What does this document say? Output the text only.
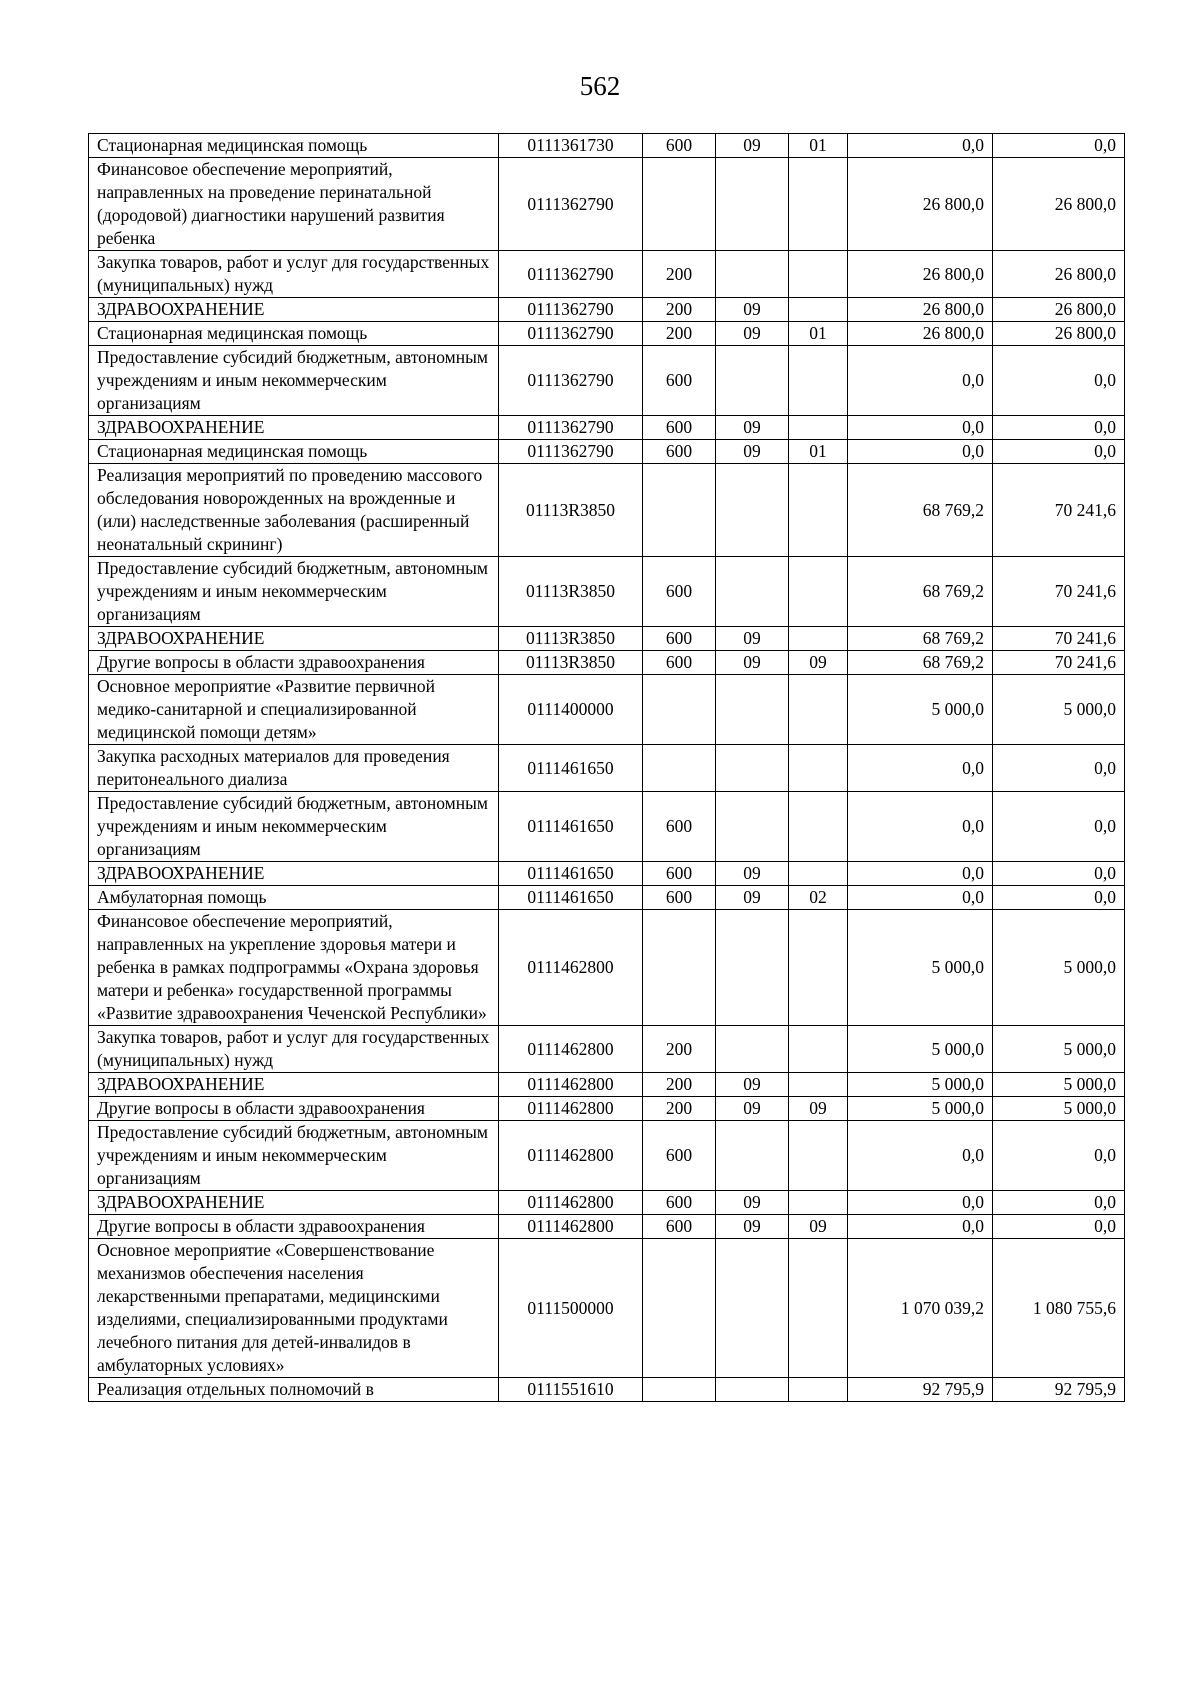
562
Стационарная медицинская помощь	0111361730	600	09	01	0,0	0,0
Финансовое обеспечение мероприятий, направленных на проведение перинатальной (дородовой) диагностики нарушений развития ребенка	0111362790				26 800,0	26 800,0
Закупка товаров, работ и услуг для государственных (муниципальных) нужд	0111362790	200			26 800,0	26 800,0
ЗДРАВООХРАНЕНИЕ	0111362790	200	09		26 800,0	26 800,0
Стационарная медицинская помощь	0111362790	200	09	01	26 800,0	26 800,0
Предоставление субсидий бюджетным, автономным учреждениям и иным некоммерческим организациям	0111362790	600			0,0	0,0
ЗДРАВООХРАНЕНИЕ	0111362790	600	09		0,0	0,0
Стационарная медицинская помощь	0111362790	600	09	01	0,0	0,0
Реализация мероприятий по проведению массового обследования новорожденных на врожденные и (или) наследственные заболевания (расширенный неонатальный скрининг)	01113R3850				68 769,2	70 241,6
Предоставление субсидий бюджетным, автономным учреждениям и иным некоммерческим организациям	01113R3850	600			68 769,2	70 241,6
ЗДРАВООХРАНЕНИЕ	01113R3850	600	09		68 769,2	70 241,6
Другие вопросы в области здравоохранения	01113R3850	600	09	09	68 769,2	70 241,6
Основное мероприятие «Развитие первичной медико-санитарной и специализированной медицинской помощи детям»	0111400000				5 000,0	5 000,0
Закупка расходных материалов для проведения перитонеального диализа	0111461650				0,0	0,0
Предоставление субсидий бюджетным, автономным учреждениям и иным некоммерческим организациям	0111461650	600			0,0	0,0
ЗДРАВООХРАНЕНИЕ	0111461650	600	09		0,0	0,0
Амбулаторная помощь	0111461650	600	09	02	0,0	0,0
Финансовое обеспечение мероприятий, направленных на укрепление здоровья матери и ребенка в рамках подпрограммы «Охрана здоровья матери и ребенка» государственной программы «Развитие здравоохранения Чеченской Республики»	0111462800				5 000,0	5 000,0
Закупка товаров, работ и услуг для государственных (муниципальных) нужд	0111462800	200			5 000,0	5 000,0
ЗДРАВООХРАНЕНИЕ	0111462800	200	09		5 000,0	5 000,0
Другие вопросы в области здравоохранения	0111462800	200	09	09	5 000,0	5 000,0
Предоставление субсидий бюджетным, автономным учреждениям и иным некоммерческим организациям	0111462800	600			0,0	0,0
ЗДРАВООХРАНЕНИЕ	0111462800	600	09		0,0	0,0
Другие вопросы в области здравоохранения	0111462800	600	09	09	0,0	0,0
Основное мероприятие «Совершенствование механизмов обеспечения населения лекарственными препаратами, медицинскими изделиями, специализированными продуктами лечебного питания для детей-инвалидов в амбулаторных условиях»	0111500000				1 070 039,2	1 080 755,6
Реализация отдельных полномочий в	0111551610				92 795,9	92 795,9
